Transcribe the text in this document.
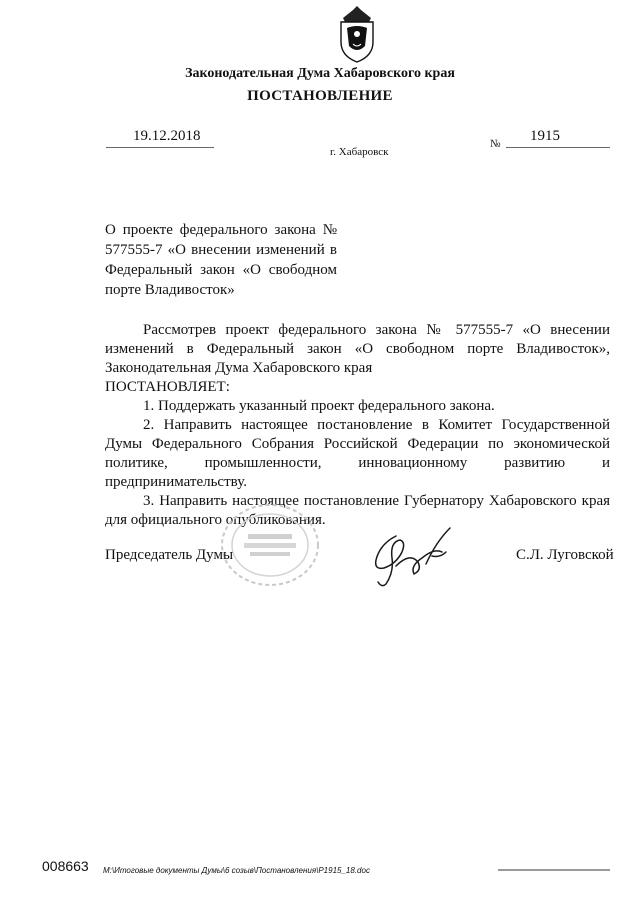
Законодательная Дума Хабаровского края
ПОСТАНОВЛЕНИЕ
19.12.2018
г. Хабаровск
№ 1915
О проекте федерального закона № 577555-7 «О внесении изменений в Федеральный закон «О свободном порте Владивосток»

Рассмотрев проект федерального закона № 577555-7 «О внесении изменений в Федеральный закон «О свободном порте Владивосток», Законодательная Дума Хабаровского края

ПОСТАНОВЛЯЕТ:

1. Поддержать указанный проект федерального закона.

2. Направить настоящее постановление в Комитет Государственной Думы Федерального Собрания Российской Федерации по экономической политике, промышленности, инновационному развитию и предпринимательству.

3. Направить настоящее постановление Губернатору Хабаровского края для официального опубликования.

Председатель Думы	С.Л. Луговской
008663 M:\Итоговые документы Думы\6 созыв\Постановления\P1915_18.doc
